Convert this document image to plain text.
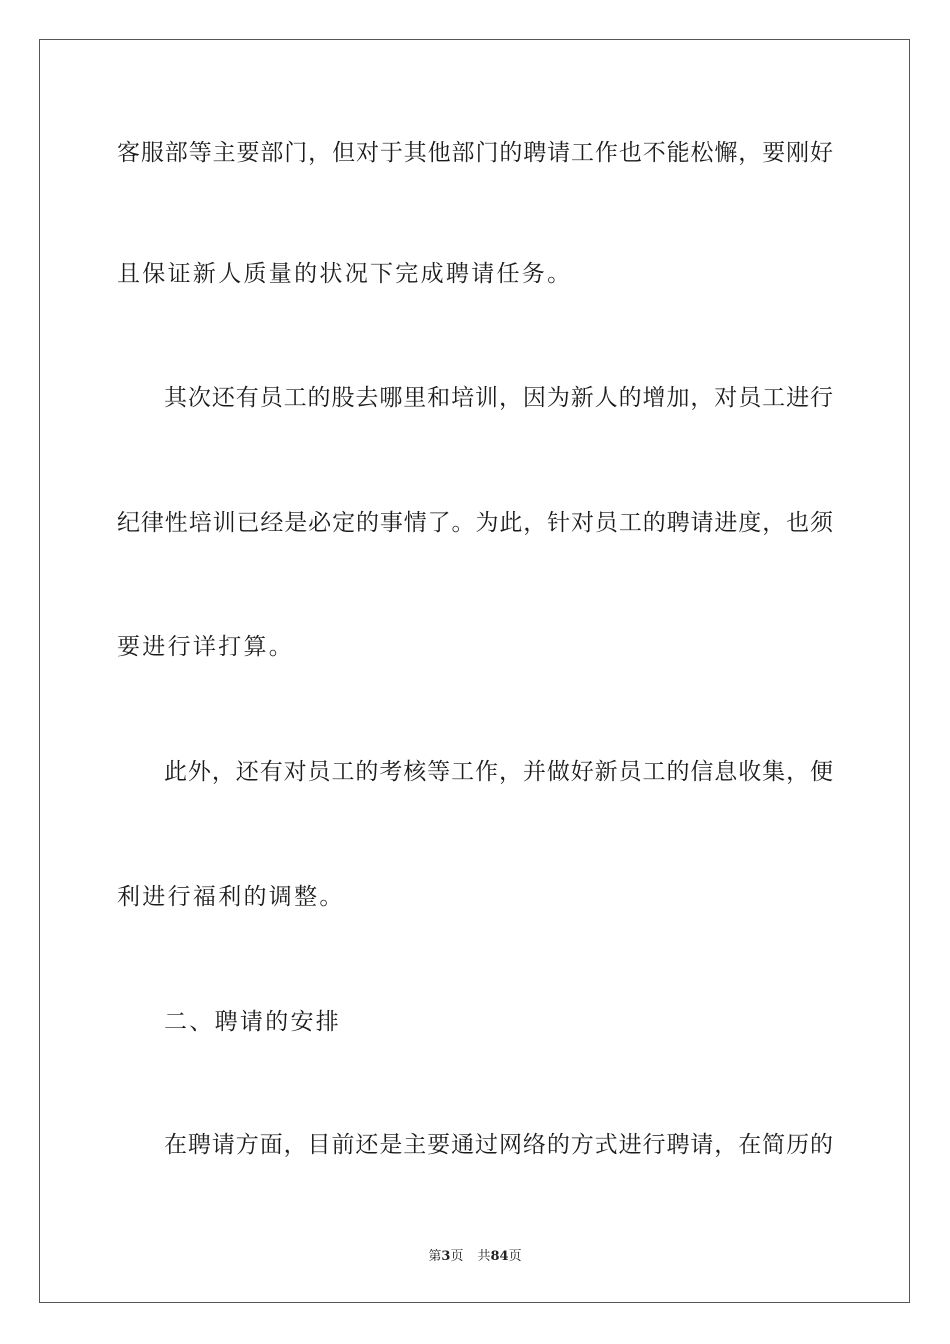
客服部等主要部门，但对于其他部门的聘请工作也不能松懈，要刚好
且保证新人质量的状况下完成聘请任务。
其次还有员工的股去哪里和培训，因为新人的增加，对员工进行
纪律性培训已经是必定的事情了。为此，针对员工的聘请进度，也须
要进行详打算。
此外，还有对员工的考核等工作，并做好新员工的信息收集，便
利进行福利的调整。
二、聘请的安排
在聘请方面，目前还是主要通过网络的方式进行聘请，在简历的
第3页 共84页
